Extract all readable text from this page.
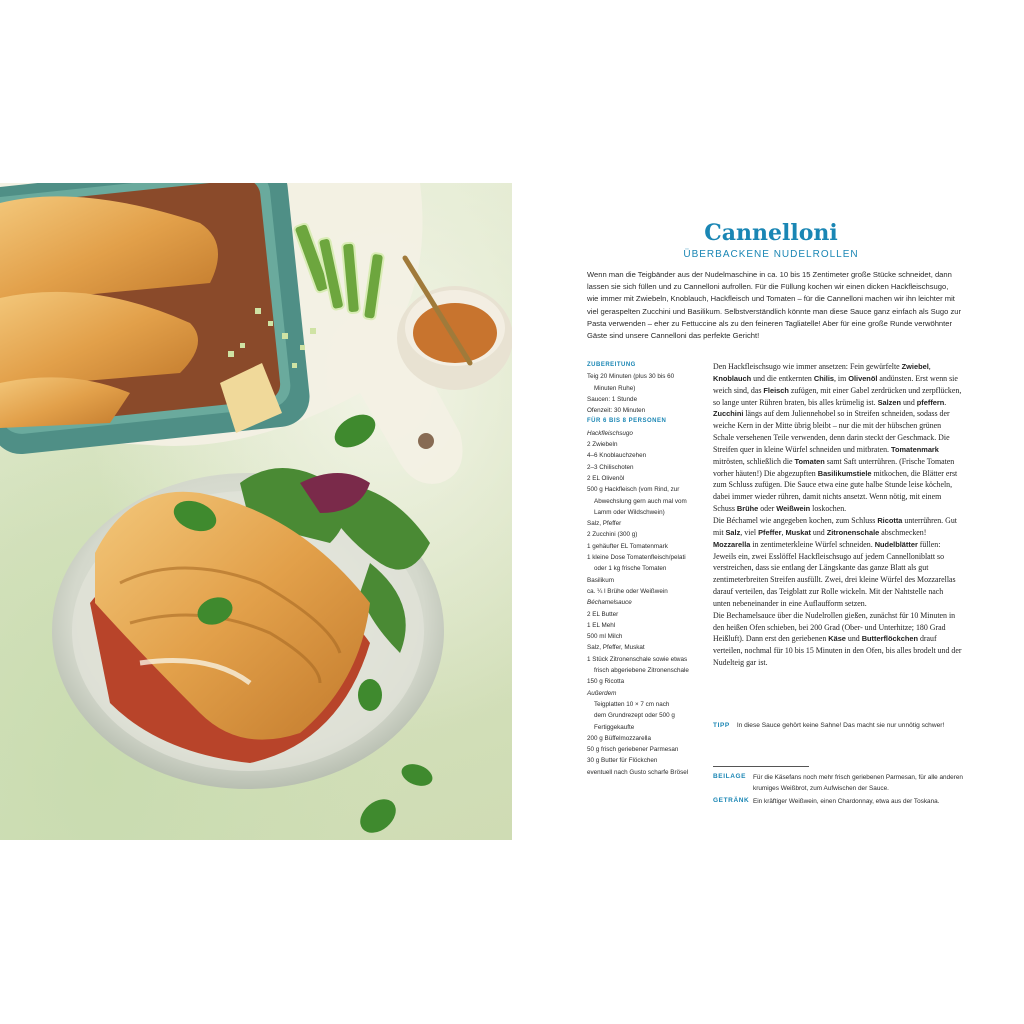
Cannelloni
ÜBERBACKENE NUDELROLLEN
Wenn man die Teigbänder aus der Nudelmaschine in ca. 10 bis 15 Zentimeter große Stücke schneidet, dann lassen sie sich füllen und zu Cannelloni aufrollen. Für die Füllung kochen wir einen dicken Hackfleischsugo, wie immer mit Zwiebeln, Knoblauch, Hackfleisch und Tomaten – für die Cannelloni machen wir ihn leichter mit viel geraspelten Zucchini und Basilikum. Selbstverständlich könnte man diese Sauce ganz einfach als Sugo zur Pasta verwenden – eher zu Fettuccine als zu den feineren Tagliatelle! Aber für eine große Runde verwöhnter Gäste sind unsere Cannelloni das perfekte Gericht!
ZUBEREITUNG
Teig 20 Minuten (plus 30 bis 60
Minuten Ruhe)
Saucen: 1 Stunde
Ofenzeit: 30 Minuten
FÜR 6 BIS 8 PERSONEN
Hackfleischsugo
2 Zwiebeln
4–6 Knoblauchzehen
2–3 Chilischoten
2 EL Olivenöl
500 g Hackfleisch (vom Rind, zur
Abwechslung gern auch mal vom
Lamm oder Wildschwein)
Salz, Pfeffer
2 Zucchini (300 g)
1 gehäufter EL Tomatenmark
1 kleine Dose Tomatenfleisch/pelati
oder 1 kg frische Tomaten
Basilikum
ca. ¼ l Brühe oder Weißwein
Béchamelsauce
2 EL Butter
1 EL Mehl
500 ml Milch
Salz, Pfeffer, Muskat
1 Stück Zitronenschale sowie etwas
frisch abgeriebene Zitronenschale
150 g Ricotta
Außerdem
Teigplatten 10 × 7 cm nach
dem Grundrezept oder 500 g
Fertiggekaufte
200 g Büffelmozzarella
50 g frisch geriebener Parmesan
30 g Butter für Flöckchen
eventuell nach Gusto scharfe Brösel

Den Hackfleischsugo wie immer ansetzen: Fein gewürfelte Zwiebel, Knoblauch und die entkernten Chilis, im Olivenöl andünsten. Erst wenn sie weich sind, das Fleisch zufügen, mit einer Gabel zerdrücken und zerpflücken, so lange unter Rühren braten, bis alles krümelig ist. Salzen und pfeffern.

Zucchini längs auf dem Juliennehobel so in Streifen schneiden, sodass der weiche Kern in der Mitte übrig bleibt – nur die mit der hübschen grünen Schale versehenen Teile verwenden, denn darin steckt der Geschmack. Die Streifen quer in kleine Würfel schneiden und mitbraten. Tomatenmark mitrösten, schließlich die Tomaten samt Saft unterrühren. (Frische Tomaten vorher häuten!) Die abgezupften Basilikumstiele mitkochen, die Blätter erst zum Schluss zufügen. Die Sauce etwa eine gute halbe Stunde leise köcheln, dabei immer wieder rühren, damit nichts ansetzt. Wenn nötig, mit einem Schuss Brühe oder Weißwein loskochen.

Die Béchamel wie angegeben kochen, zum Schluss Ricotta unterrühren. Gut mit Salz, viel Pfeffer, Muskat und Zitronenschale abschmecken! Mozzarella in zentimeterkleine Würfel schneiden. Nudelblätter füllen: Jeweils ein, zwei Esslöffel Hackfleischsugo auf jedem Cannelloniblatt so verstreichen, dass sie entlang der Längskante das ganze Blatt als gut zentimeterbreiten Streifen ausfüllt. Zwei, drei kleine Würfel des Mozzarellas darauf verteilen, das Teigblatt zur Rolle wickeln. Mit der Nahtstelle nach unten nebeneinander in eine Auflaufform setzen.

Die Bechamelsauce über die Nudelrollen gießen, zunächst für 10 Minuten in den heißen Ofen schieben, bei 200 Grad (Ober- und Unterhitze; 180 Grad Heißluft). Dann erst den geriebenen Käse und Butterflöckchen drauf verteilen, nochmal für 10 bis 15 Minuten in den Ofen, bis alles brodelt und der Nudelteig gar ist.

TIPP In diese Sauce gehört keine Sahne! Das macht sie nur unnötig schwer!
BEILAGE Für die Käsefans noch mehr frisch geriebenen Parmesan, für alle anderen krumiges Weißbrot, zum Aufwischen der Sauce.
GETRÄNK Ein kräftiger Weißwein, einen Chardonnay, etwa aus der Toskana.
